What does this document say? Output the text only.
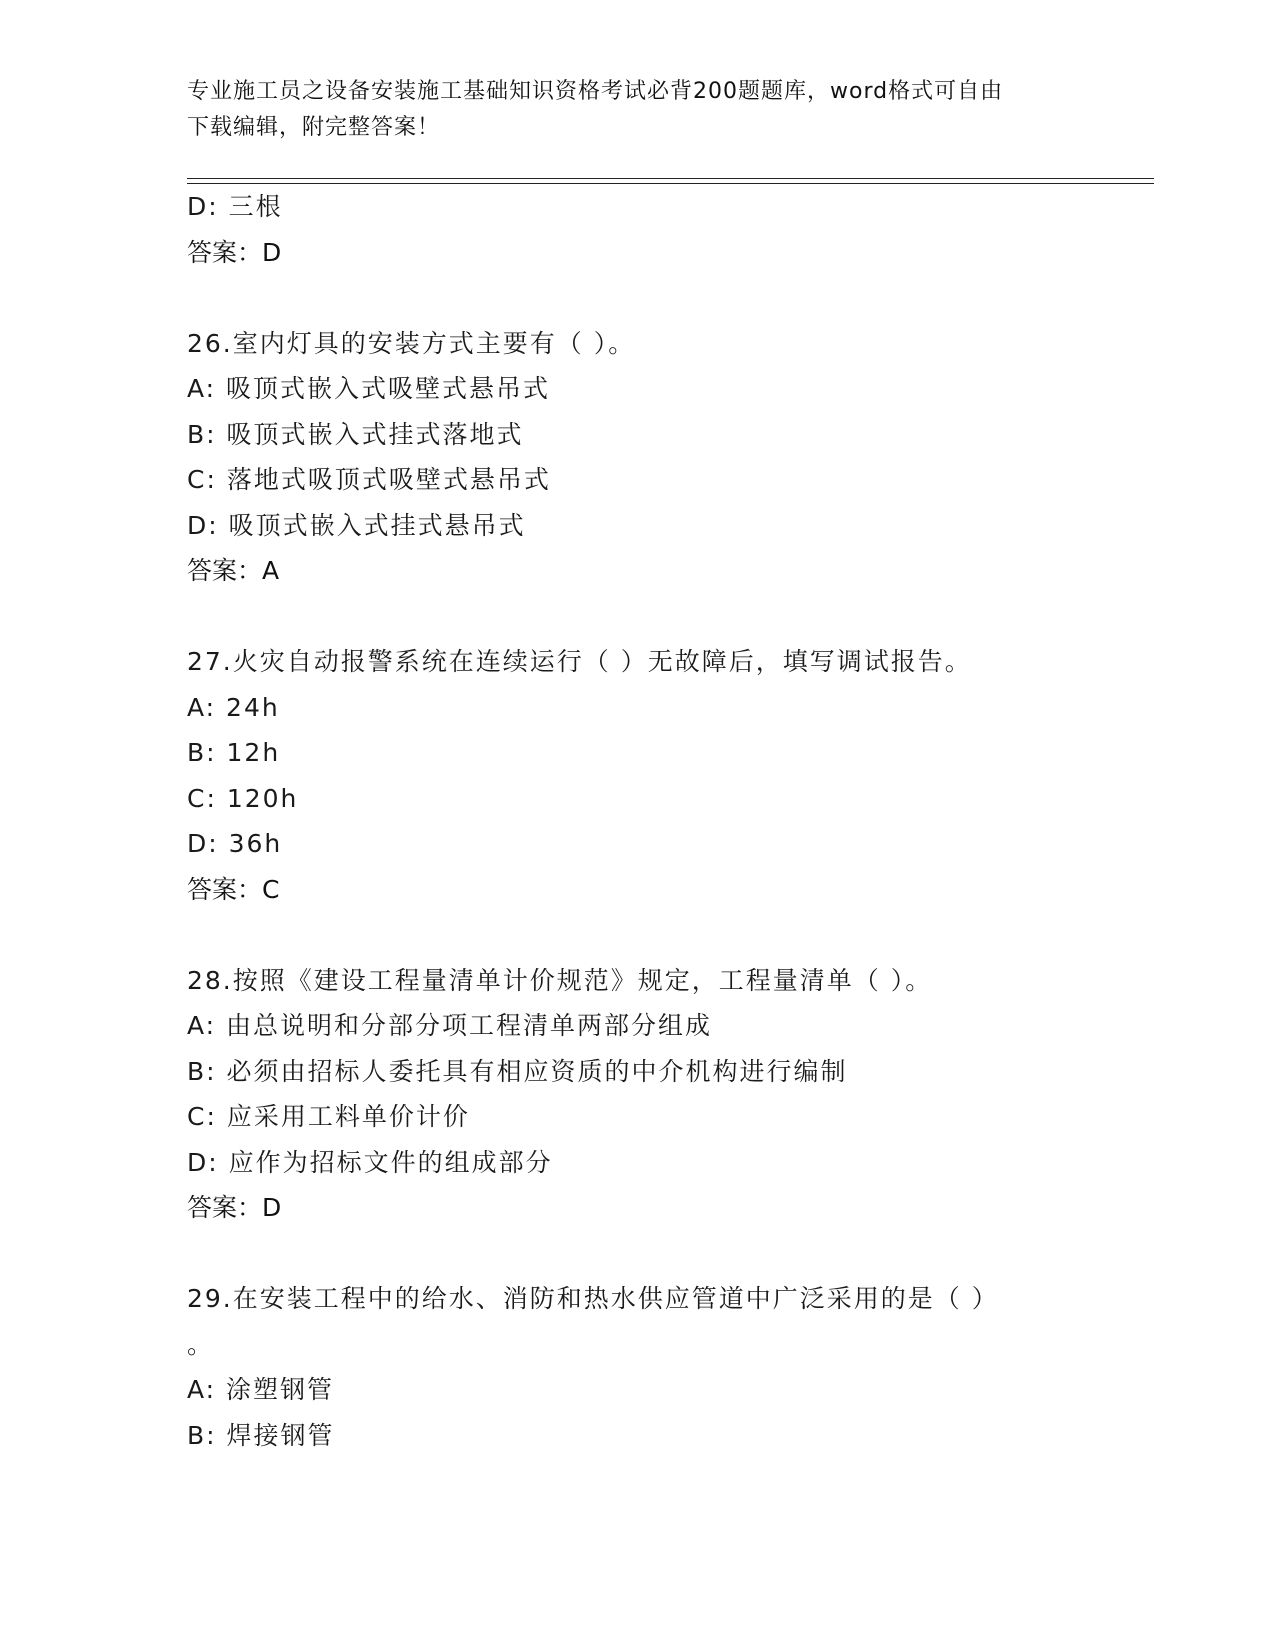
专业施工员之设备安装施工基础知识资格考试必背200题题库，word格式可自由
下载编辑，附完整答案！
D: 三根
答案：D
26.室内灯具的安装方式主要有（ ）。
A: 吸顶式嵌入式吸壁式悬吊式
B: 吸顶式嵌入式挂式落地式
C: 落地式吸顶式吸壁式悬吊式
D: 吸顶式嵌入式挂式悬吊式
答案：A
27.火灾自动报警系统在连续运行（ ）无故障后，填写调试报告。
A: 24h
B: 12h
C: 120h
D: 36h
答案：C
28.按照《建设工程量清单计价规范》规定，工程量清单（ ）。
A: 由总说明和分部分项工程清单两部分组成
B: 必须由招标人委托具有相应资质的中介机构进行编制
C: 应采用工料单价计价
D: 应作为招标文件的组成部分
答案：D
29.在安装工程中的给水、消防和热水供应管道中广泛采用的是（ ）
。
A: 涂塑钢管
B: 焊接钢管
